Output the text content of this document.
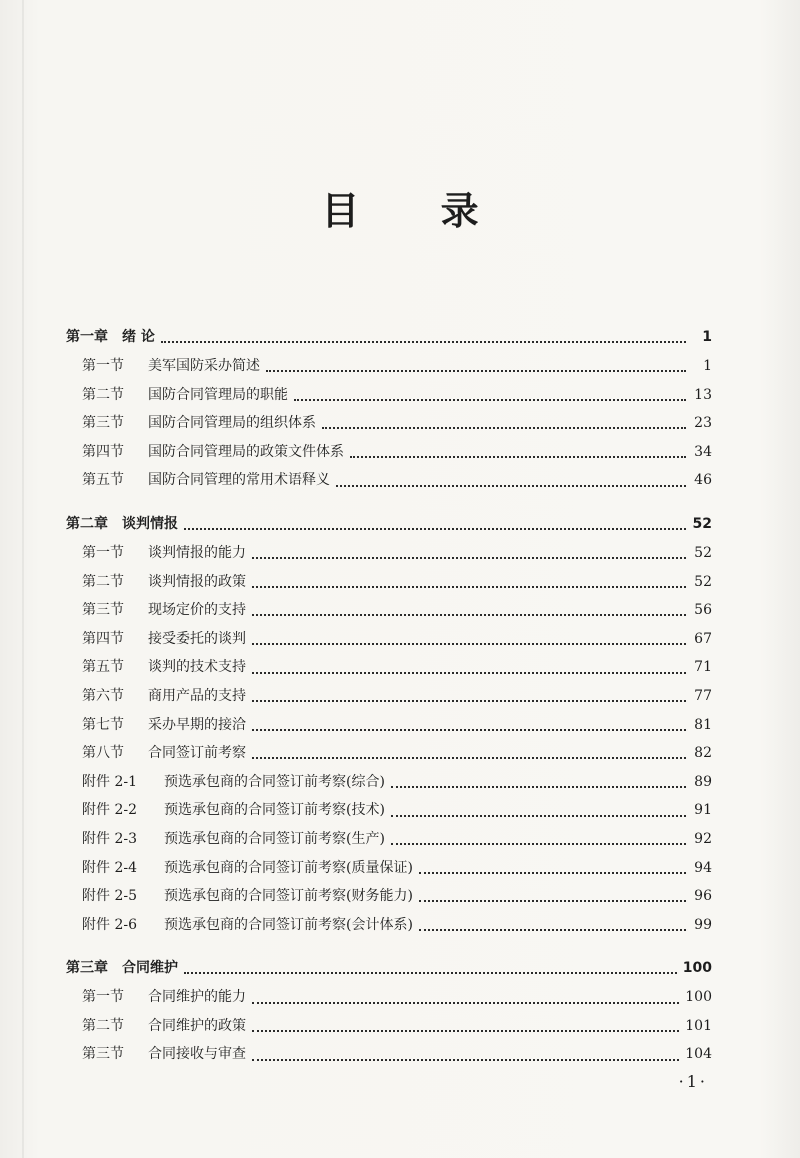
目 录
第一章 绪 论	1
第一节	美军国防采办简述	1
第二节	国防合同管理局的职能	13
第三节	国防合同管理局的组织体系	23
第四节	国防合同管理局的政策文件体系	34
第五节	国防合同管理的常用术语释义	46
第二章 谈判情报	52
第一节	谈判情报的能力	52
第二节	谈判情报的政策	52
第三节	现场定价的支持	56
第四节	接受委托的谈判	67
第五节	谈判的技术支持	71
第六节	商用产品的支持	77
第七节	采办早期的接洽	81
第八节	合同签订前考察	82
附件 2-1	预选承包商的合同签订前考察(综合)	89
附件 2-2	预选承包商的合同签订前考察(技术)	91
附件 2-3	预选承包商的合同签订前考察(生产)	92
附件 2-4	预选承包商的合同签订前考察(质量保证)	94
附件 2-5	预选承包商的合同签订前考察(财务能力)	96
附件 2-6	预选承包商的合同签订前考察(会计体系)	99
第三章 合同维护	100
第一节	合同维护的能力	100
第二节	合同维护的政策	101
第三节	合同接收与审查	104
·1·
